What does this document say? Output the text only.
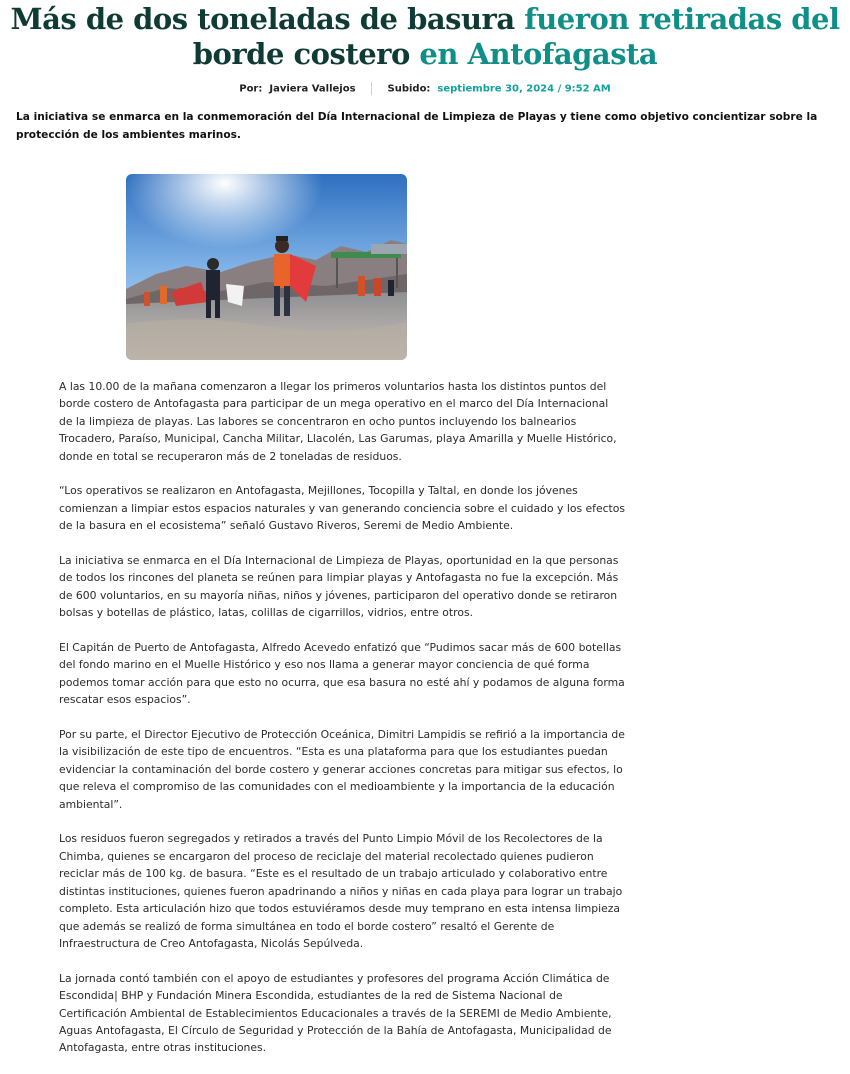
Más de dos toneladas de basura fueron retiradas del
borde costero en Antofagasta
Por: Javiera Vallejos	Subido: septiembre 30, 2024 / 9:52 AM

La iniciativa se enmarca en la conmemoración del Día Internacional de Limpieza de Playas y tiene como objetivo concientizar sobre la protección de los ambientes marinos.

A las 10.00 de la mañana comenzaron a llegar los primeros voluntarios hasta los distintos puntos del borde costero de Antofagasta para participar de un mega operativo en el marco del Día Internacional de la limpieza de playas. Las labores se concentraron en ocho puntos incluyendo los balnearios Trocadero, Paraíso, Municipal, Cancha Militar, Llacolén, Las Garumas, playa Amarilla y Muelle Histórico, donde en total se recuperaron más de 2 toneladas de residuos.

“Los operativos se realizaron en Antofagasta, Mejillones, Tocopilla y Taltal, en donde los jóvenes comienzan a limpiar estos espacios naturales y van generando conciencia sobre el cuidado y los efectos de la basura en el ecosistema” señaló Gustavo Riveros, Seremi de Medio Ambiente.

La iniciativa se enmarca en el Día Internacional de Limpieza de Playas, oportunidad en la que personas de todos los rincones del planeta se reúnen para limpiar playas y Antofagasta no fue la excepción. Más de 600 voluntarios, en su mayoría niñas, niños y jóvenes, participaron del operativo donde se retiraron bolsas y botellas de plástico, latas, colillas de cigarrillos, vidrios, entre otros.

El Capitán de Puerto de Antofagasta, Alfredo Acevedo enfatizó que “Pudimos sacar más de 600 botellas del fondo marino en el Muelle Histórico y eso nos llama a generar mayor conciencia de qué forma podemos tomar acción para que esto no ocurra, que esa basura no esté ahí y podamos de alguna forma rescatar esos espacios”.

Por su parte, el Director Ejecutivo de Protección Oceánica, Dimitri Lampidis se refirió a la importancia de la visibilización de este tipo de encuentros. “Esta es una plataforma para que los estudiantes puedan evidenciar la contaminación del borde costero y generar acciones concretas para mitigar sus efectos, lo que releva el compromiso de las comunidades con el medioambiente y la importancia de la educación ambiental”.

Los residuos fueron segregados y retirados a través del Punto Limpio Móvil de los Recolectores de la Chimba, quienes se encargaron del proceso de reciclaje del material recolectado quienes pudieron reciclar más de 100 kg. de basura. “Este es el resultado de un trabajo articulado y colaborativo entre distintas instituciones, quienes fueron apadrinando a niños y niñas en cada playa para lograr un trabajo completo. Esta articulación hizo que todos estuviéramos desde muy temprano en esta intensa limpieza que además se realizó de forma simultánea en todo el borde costero” resaltó el Gerente de Infraestructura de Creo Antofagasta, Nicolás Sepúlveda.

La jornada contó también con el apoyo de estudiantes y profesores del programa Acción Climática de Escondida| BHP y Fundación Minera Escondida, estudiantes de la red de Sistema Nacional de Certificación Ambiental de Establecimientos Educacionales a través de la SEREMI de Medio Ambiente, Aguas Antofagasta, El Círculo de Seguridad y Protección de la Bahía de Antofagasta, Municipalidad de Antofagasta, entre otras instituciones.
